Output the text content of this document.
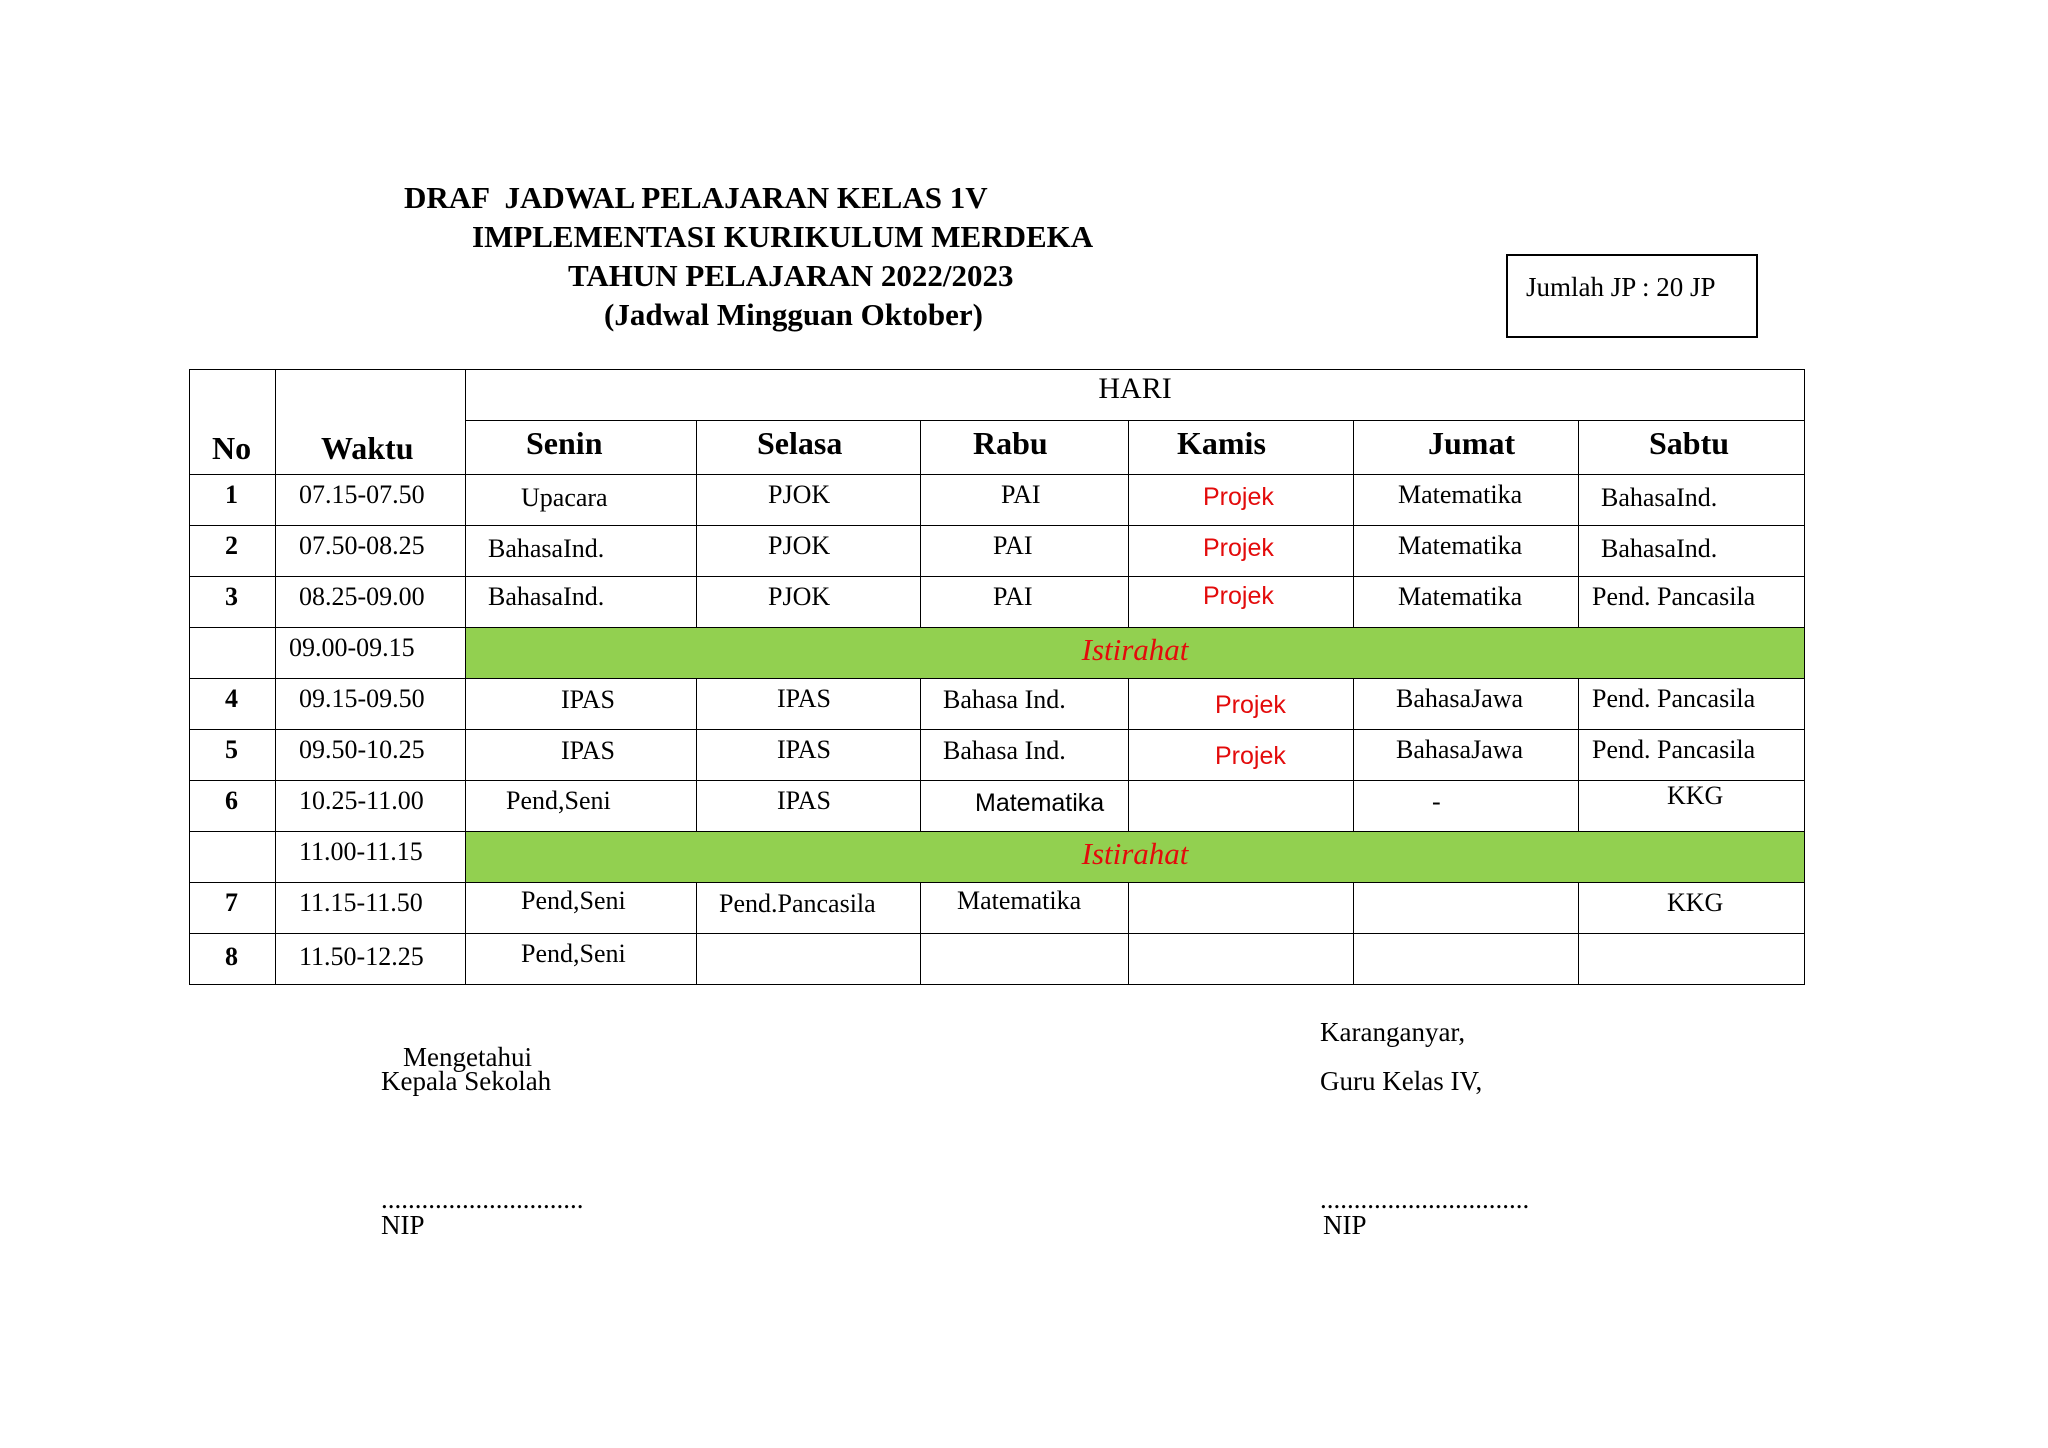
DRAF  JADWAL PELAJARAN KELAS 1V
IMPLEMENTASI KURIKULUM MERDEKA
TAHUN PELAJARAN 2022/2023
(Jadwal Mingguan Oktober)
Jumlah JP : 20 JP
No	Waktu	HARI					

		Senin	Selasa	Rabu	Kamis	Jumat	Sabtu

1	07.15-07.50	Upacara	PJOK	PAI	Projek	Matematika	BahasaInd.

2	07.50-08.25	BahasaInd.	PJOK	PAI	Projek	Matematika	BahasaInd.

3	08.25-09.00	BahasaInd.	PJOK	PAI	Projek	Matematika	Pend. Pancasila

	09.00-09.15	Istirahat					

4	09.15-09.50	IPAS	IPAS	Bahasa Ind.	Projek	BahasaJawa	Pend. Pancasila

5	09.50-10.25	IPAS	IPAS	Bahasa Ind.	Projek	BahasaJawa	Pend. Pancasila

6	10.25-11.00	Pend,Seni	IPAS	Matematika		-	KKG

	11.00-11.15	Istirahat					

7	11.15-11.50	Pend,Seni	Pend.Pancasila	Matematika			KKG

8	11.50-12.25	Pend,Seni					

Mengetahui
Kepala Sekolah
..............................
NIP
Karanganyar,
Guru Kelas IV,
...............................
NIP
